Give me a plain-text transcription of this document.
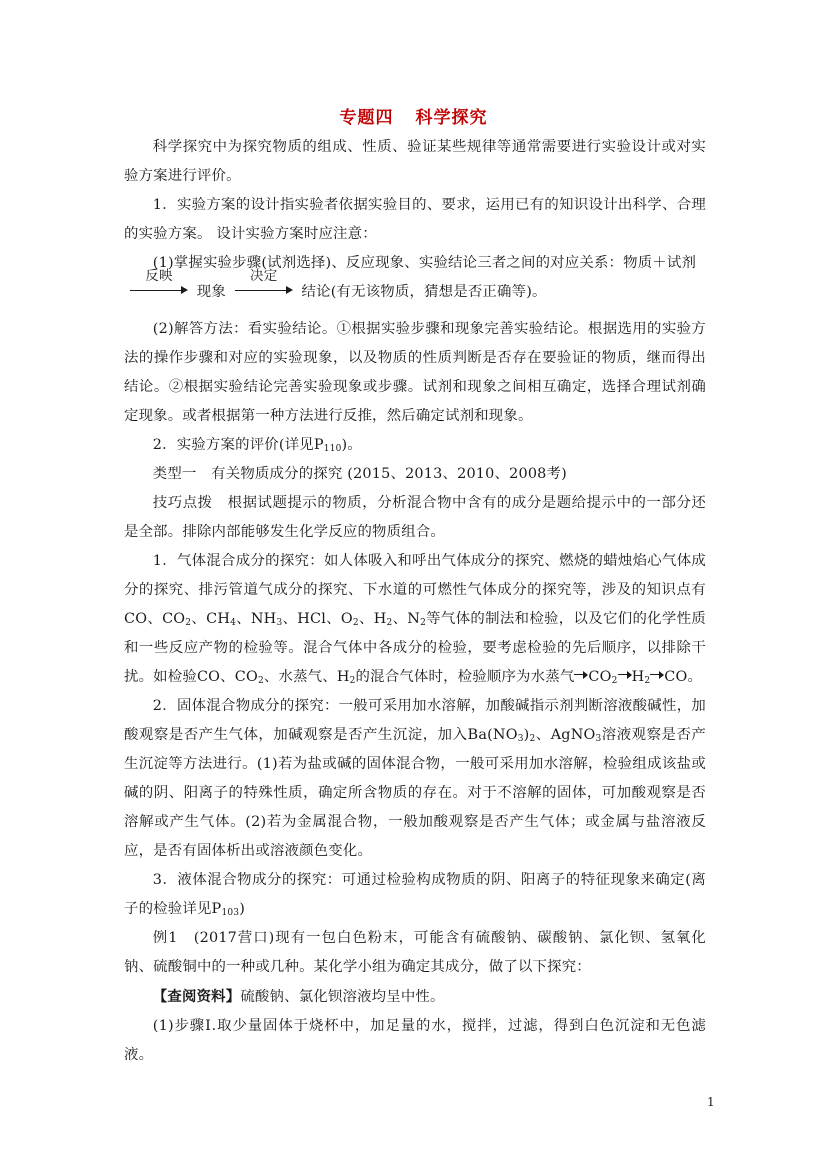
专题四 科学探究

科学探究中为探究物质的组成、性质、验证某些规律等通常需要进行实验设计或对实验方案进行评价。

1．实验方案的设计指实验者依据实验目的、要求，运用已有的知识设计出科学、合理的实验方案。 设计实验方案时应注意：

(1)掌握实验步骤(试剂选择)、反应现象、实验结论三者之间的对应关系：物质＋试剂

反映
现象
决定
结论(有无该物质，猜想是否正确等)。

(2)解答方法：看实验结论。①根据实验步骤和现象完善实验结论。根据选用的实验方法的操作步骤和对应的实验现象，以及物质的性质判断是否存在要验证的物质，继而得出结论。②根据实验结论完善实验现象或步骤。试剂和现象之间相互确定，选择合理试剂确定现象。或者根据第一种方法进行反推，然后确定试剂和现象。

2．实验方案的评价(详见$P_{110}$)。

类型一　有关物质成分的探究 (2015、2013、2010、2008考)

技巧点拨　根据试题提示的物质，分析混合物中含有的成分是题给提示中的一部分还是全部。排除内部能够发生化学反应的物质组合。

1．气体混合成分的探究：如人体吸入和呼出气体成分的探究、燃烧的蜡烛焰心气体成分的探究、排污管道气成分的探究、下水道的可燃性气体成分的探究等，涉及的知识点有CO、$CO_2$、$CH_4$、$NH_3$、HCl、$O_2$、$H_2$、$N_2$等气体的制法和检验，以及它们的化学性质和一些反应产物的检验等。混合气体中各成分的检验，要考虑检验的先后顺序，以排除干扰。如检验CO、$CO_2$、水蒸气、$H_2$的混合气体时，检验顺序为水蒸气 $CO_2$ $H_2$ CO。

2．固体混合物成分的探究：一般可采用加水溶解，加酸碱指示剂判断溶液酸碱性，加酸观察是否产生气体，加碱观察是否产生沉淀，加入$Ba(NO_3)_2$、AgNO$_3$溶液观察是否产生沉淀等方法进行。(1)若为盐或碱的固体混合物，一般可采用加水溶解，检验组成该盐或碱的阴、阳离子的特殊性质，确定所含物质的存在。对于不溶解的固体，可加酸观察是否溶解或产生气体。(2)若为金属混合物，一般加酸观察是否产生气体；或金属与盐溶液反应，是否有固体析出或溶液颜色变化。

3．液体混合物成分的探究：可通过检验构成物质的阴、阳离子的特征现象来确定(离子的检验详见$P_{103}$)

例1　(2017营口)现有一包白色粉末，可能含有硫酸钠、碳酸钠、氯化钡、氢氧化钠、硫酸铜中的一种或几种。某化学小组为确定其成分，做了以下探究：

【查阅资料】硫酸钠、氯化钡溶液均呈中性。

(1)步骤Ⅰ.取少量固体于烧杯中，加足量的水，搅拌，过滤，得到白色沉淀和无色滤液。

1
